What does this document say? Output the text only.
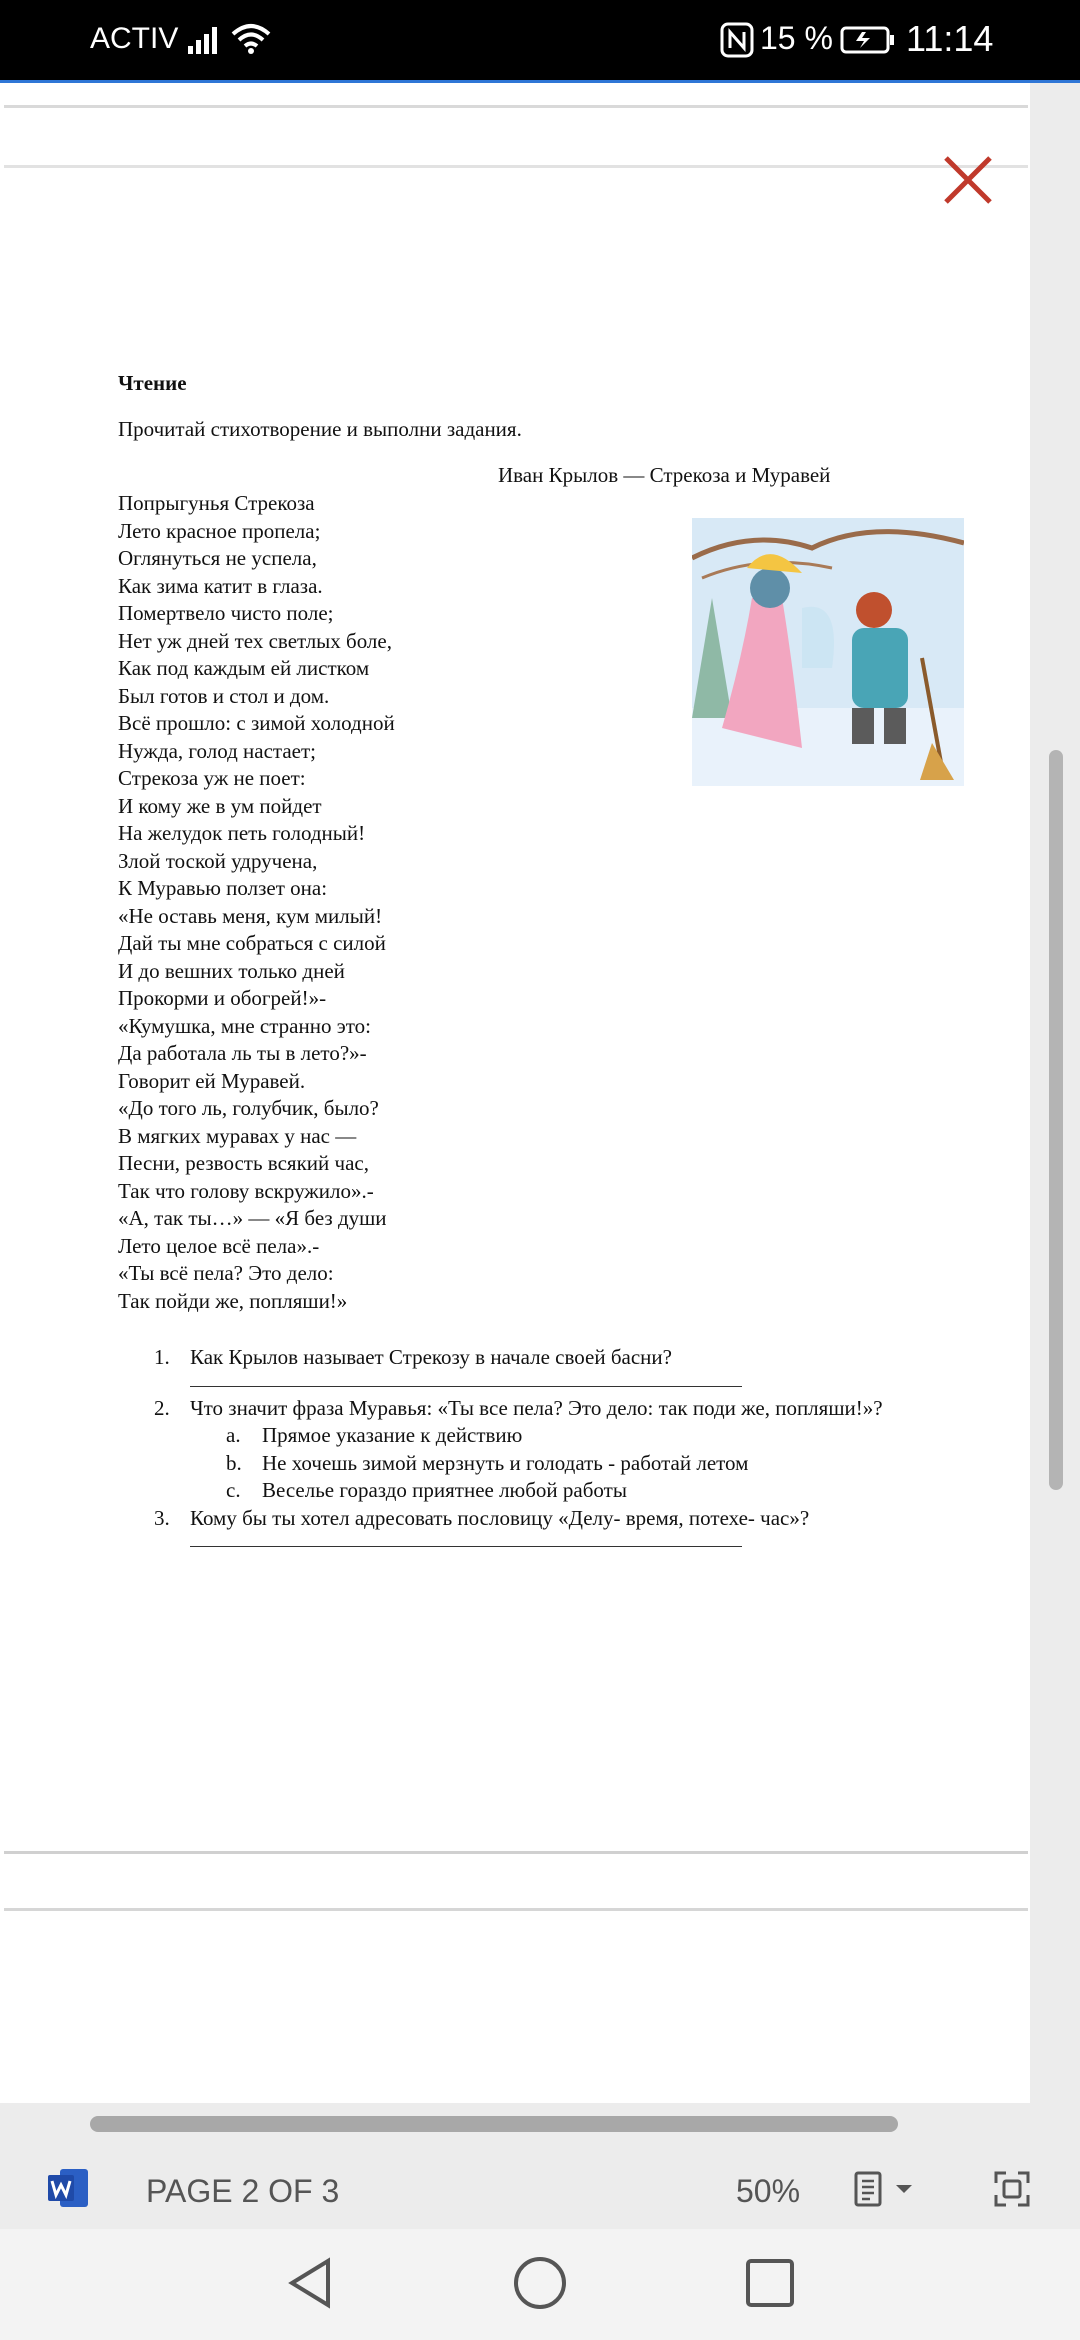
ACTIV	15 % 11:14
Чтение
Прочитай стихотворение и выполни задания.
Иван Крылов — Стрекоза и Муравей
Попрыгунья Стрекоза
Лето красное пропела;
Оглянуться не успела,
Как зима катит в глаза.
Помертвело чисто поле;
Нет уж дней тех светлых боле,
Как под каждым ей листком
Был готов и стол и дом.
Всё прошло: с зимой холодной
Нужда, голод настает;
Стрекоза уж не поет:
И кому же в ум пойдет
На желудок петь голодный!
Злой тоской удручена,
К Муравью ползет она:
«Не оставь меня, кум милый!
Дай ты мне собраться с силой
И до вешних только дней
Прокорми и обогрей!»-
«Кумушка, мне странно это:
Да работала ль ты в лето?»-
Говорит ей Муравей.
«До того ль, голубчик, было?
В мягких муравах у нас —
Песни, резвость всякий час,
Так что голову вскружило».-
«А, так ты…» — «Я без души
Лето целое всё пела».-
«Ты всё пела? Это дело:
Так пойди же, попляши!»
1. Как Крылов называет Стрекозу в начале своей басни?
2. Что значит фраза Муравья: «Ты все пела? Это дело: так поди же, попляши!»?
a. Прямое указание к действию
b. Не хочешь зимой мерзнуть и голодать - работай летом
c. Веселье гораздо приятнее любой работы
3. Кому бы ты хотел адресовать пословицу «Делу- время, потехе- час»?
PAGE 2 OF 3	50%
